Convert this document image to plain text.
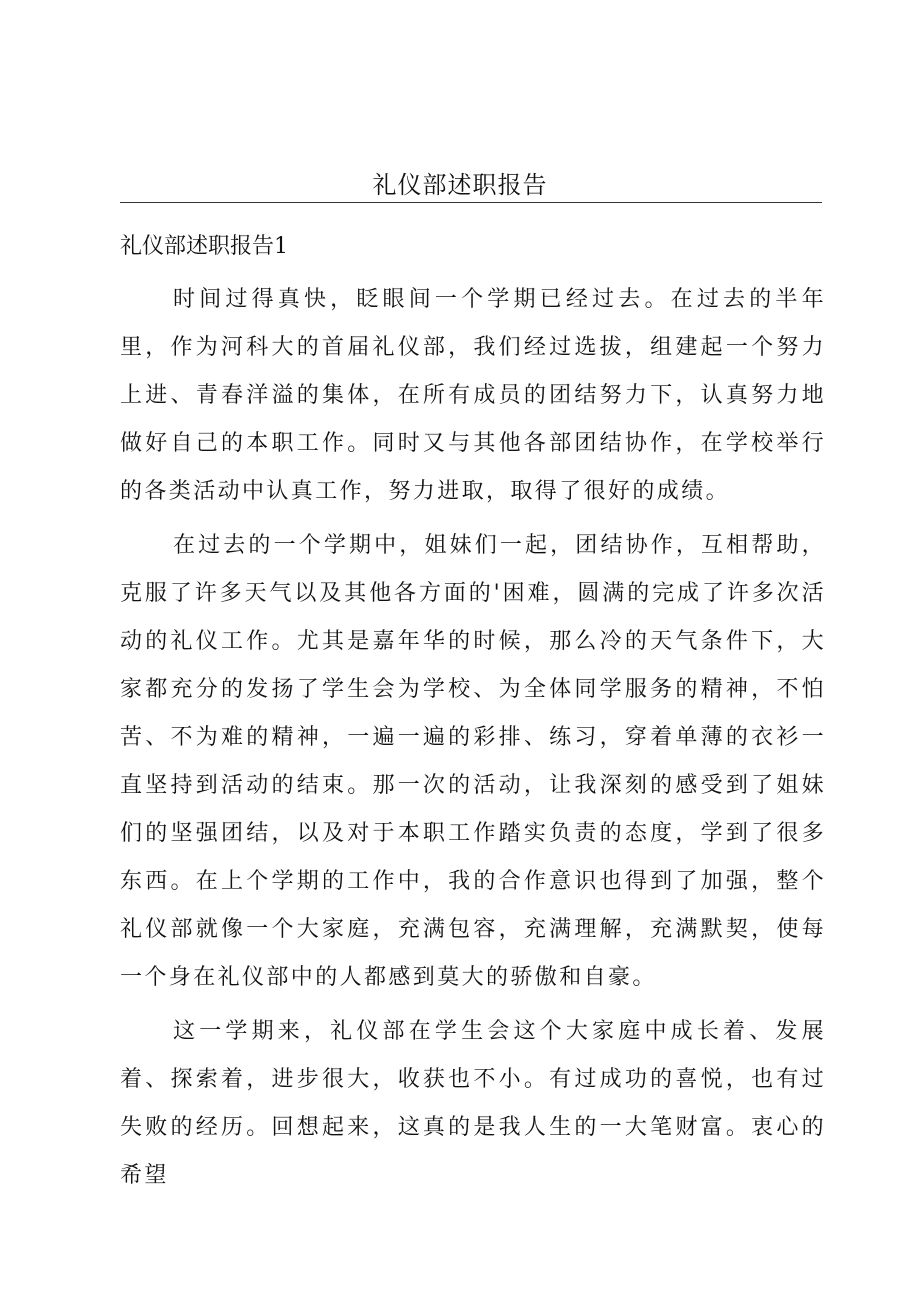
礼仪部述职报告
礼仪部述职报告1

时间过得真快，眨眼间一个学期已经过去。在过去的半年里，作为河科大的首届礼仪部，我们经过选拔，组建起一个努力上进、青春洋溢的集体，在所有成员的团结努力下，认真努力地做好自己的本职工作。同时又与其他各部团结协作，在学校举行的各类活动中认真工作，努力进取，取得了很好的成绩。

在过去的一个学期中，姐妹们一起，团结协作，互相帮助，克服了许多天气以及其他各方面的'困难，圆满的完成了许多次活动的礼仪工作。尤其是嘉年华的时候，那么冷的天气条件下，大家都充分的发扬了学生会为学校、为全体同学服务的精神，不怕苦、不为难的精神，一遍一遍的彩排、练习，穿着单薄的衣衫一直坚持到活动的结束。那一次的活动，让我深刻的感受到了姐妹们的坚强团结，以及对于本职工作踏实负责的态度，学到了很多东西。在上个学期的工作中，我的合作意识也得到了加强，整个礼仪部就像一个大家庭，充满包容，充满理解，充满默契，使每一个身在礼仪部中的人都感到莫大的骄傲和自豪。

这一学期来，礼仪部在学生会这个大家庭中成长着、发展着、探索着，进步很大，收获也不小。有过成功的喜悦，也有过失败的经历。回想起来，这真的是我人生的一大笔财富。衷心的希望
